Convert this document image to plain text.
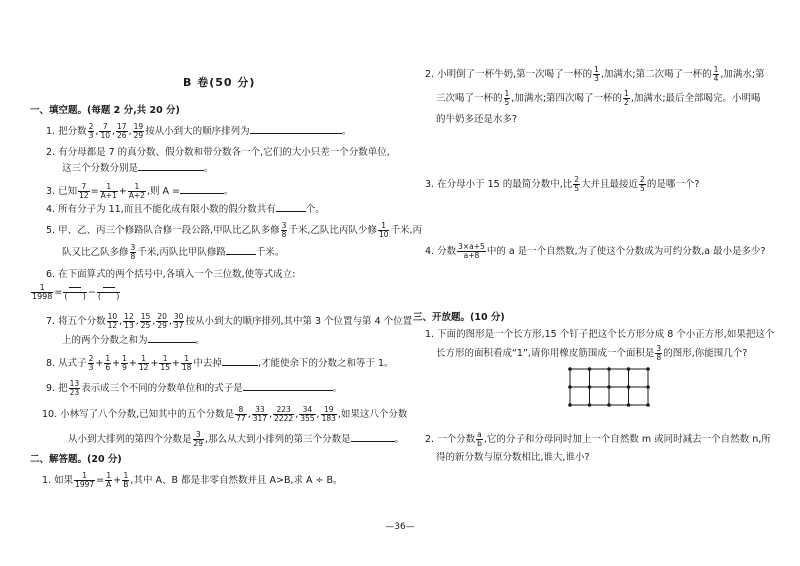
B 卷(50 分)
一、填空题。(每题 2 分,共 20 分)
1. 把分数 $\frac{2}{3}$ , $\frac{7}{10}$ , $\frac{17}{26}$ , $\frac{19}{29}$ 按从小到大的顺序排列为	。
2. 有分母都是 7 的真分数、假分数和带分数各一个,它们的大小只差一个分数单位,
这三个分数分别是	。
3. 已知 $\frac{7}{12} = \frac{1}{A+1} + \frac{1}{A+2}$ ,则 A =	。
4. 所有分子为 11,而且不能化成有限小数的假分数共有	个。
5. 甲、乙、丙三个修路队合修一段公路,甲队比乙队多修 $\frac{3}{8}$ 千米,乙队比丙队少修 $\frac{1}{10}$ 千米,丙
队又比乙队多修 $\frac{3}{8}$ 千米,丙队比甲队修路	千米。
6. 在下面算式的两个括号中,各填入一个三位数,使等式成立:
$\frac{1}{1998}$ = ( ) − ( )
7. 将五个分数 $\frac{10}{12}$ , $\frac{12}{13}$ , $\frac{15}{25}$ , $\frac{20}{29}$ , $\frac{30}{37}$ 按从小到大的顺序排列,其中第 3 个位置与第 4 个位置
上的两个分数之和为	。
8. 从式子 $\frac{2}{3} + \frac{1}{6} + \frac{1}{9} + \frac{1}{12} + \frac{1}{15} + \frac{1}{18}$ 中去掉	,才能使余下的分数之和等于 1。
9. 把 $\frac{13}{23}$ 表示成三个不同的分数单位和的式子是	。
10. 小林写了八个分数,已知其中的五个分数是 $\frac{8}{77}$ , $\frac{33}{317}$ , $\frac{223}{2222}$ , $\frac{34}{355}$ , $\frac{19}{183}$ ,如果这八个分数
从小到大排列的第四个分数是 $\frac{3}{29}$ ,那么从大到小排列的第三个分数是	。
二、解答题。(20 分)
1. 如果 $\frac{1}{1997} = \frac{1}{A} + \frac{1}{B}$ ,其中 A、B 都是非零自然数并且 A>B,求 A ÷ B。
2. 小明倒了一杯牛奶,第一次喝了一杯的 $\frac{1}{3}$ ,加满水;第二次喝了一杯的 $\frac{1}{4}$ ,加满水;第
三次喝了一杯的 $\frac{1}{5}$ ,加满水;第四次喝了一杯的 $\frac{1}{2}$ ,加满水;最后全部喝完。小明喝
的牛奶多还是水多?
3. 在分母小于 15 的最简分数中,比 $\frac{2}{5}$ 大并且最接近 $\frac{2}{5}$ 的是哪一个?
4. 分数 $\frac{3\times a+5}{a+8}$ 中的 a 是一个自然数,为了使这个分数成为可约分数,a 最小是多少?
三、开放题。(10 分)
1. 下面的图形是一个长方形,15 个钉子把这个长方形分成 8 个小正方形,如果把这个
长方形的面积看成“1”,请你用橡皮筋围成一个面积是 $\frac{3}{8}$ 的图形,你能围几个?
2. 一个分数 $\frac{a}{b}$ ,它的分子和分母同时加上一个自然数 m 或同时减去一个自然数 n,所
得的新分数与原分数相比,谁大,谁小?
—36—
